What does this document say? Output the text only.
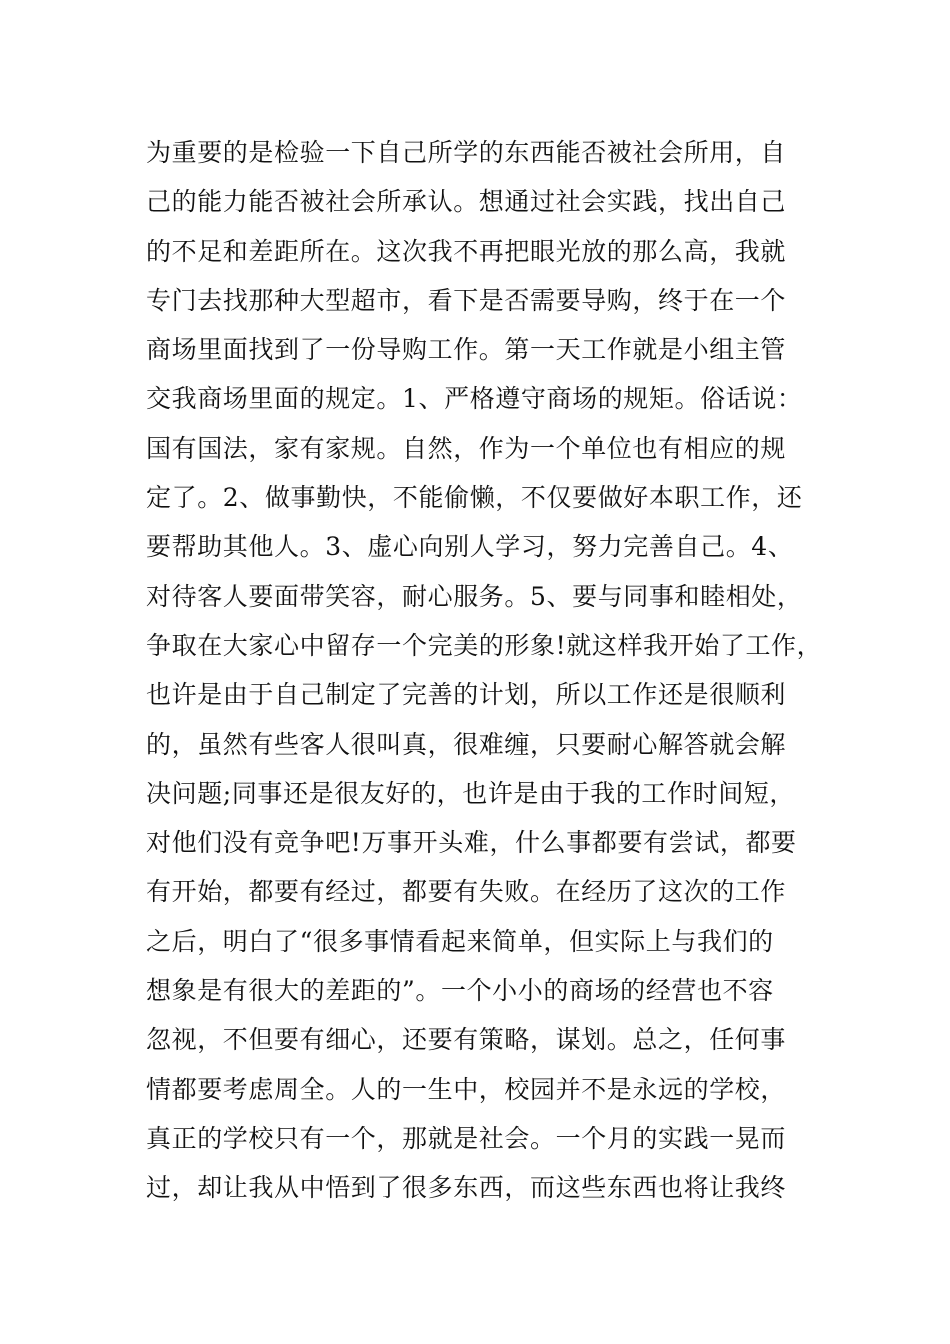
为重要的是检验一下自己所学的东西能否被社会所用，自
己的能力能否被社会所承认。想通过社会实践，找出自己
的不足和差距所在。这次我不再把眼光放的那么高，我就
专门去找那种大型超市，看下是否需要导购，终于在一个
商场里面找到了一份导购工作。第一天工作就是小组主管
交我商场里面的规定。1、严格遵守商场的规矩。俗话说：
国有国法，家有家规。自然，作为一个单位也有相应的规
定了。2、做事勤快，不能偷懒，不仅要做好本职工作，还
要帮助其他人。3、虚心向别人学习，努力完善自己。4、
对待客人要面带笑容，耐心服务。5、要与同事和睦相处，
争取在大家心中留存一个完美的形象!就这样我开始了工作，
也许是由于自己制定了完善的计划，所以工作还是很顺利
的，虽然有些客人很叫真，很难缠，只要耐心解答就会解
决问题;同事还是很友好的，也许是由于我的工作时间短，
对他们没有竞争吧!万事开头难，什么事都要有尝试，都要
有开始，都要有经过，都要有失败。在经历了这次的工作
之后，明白了“很多事情看起来简单，但实际上与我们的
想象是有很大的差距的”。一个小小的商场的经营也不容
忽视，不但要有细心，还要有策略，谋划。总之，任何事
情都要考虑周全。人的一生中，校园并不是永远的学校，
真正的学校只有一个，那就是社会。一个月的实践一晃而
过，却让我从中悟到了很多东西，而这些东西也将让我终
